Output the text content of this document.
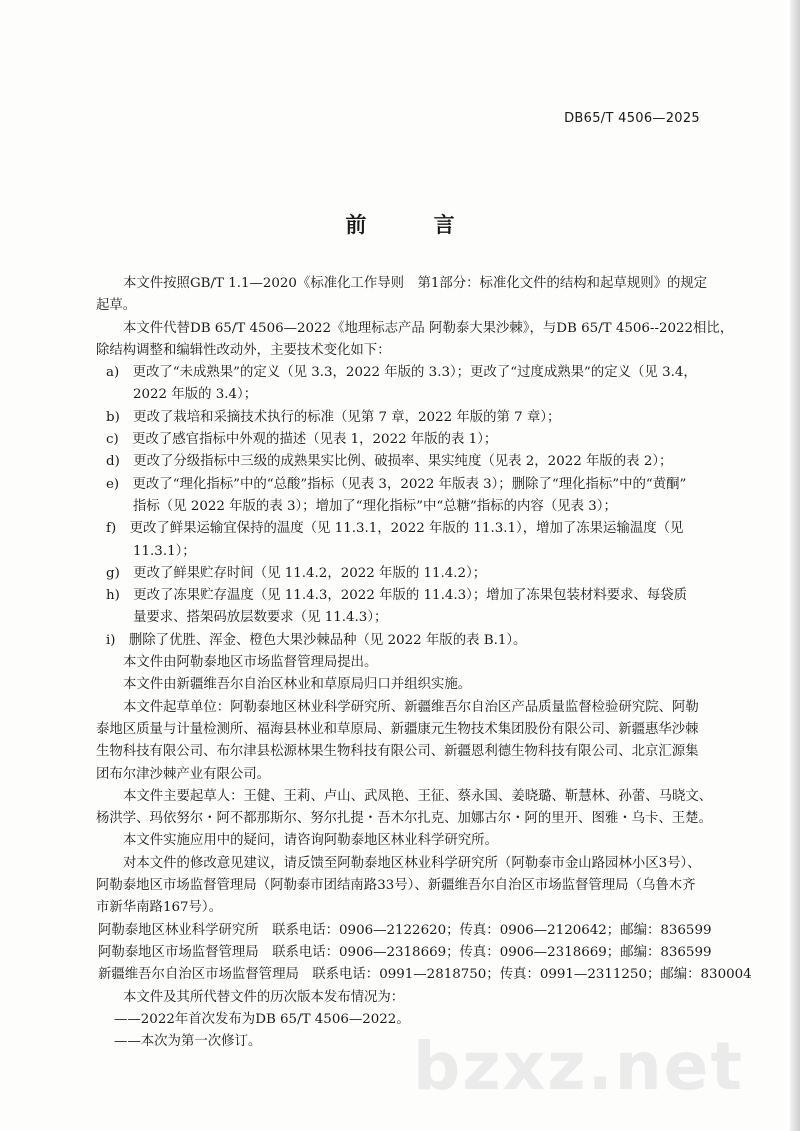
DB65/T 4506—2025
前 言
本文件按照GB/T 1.1—2020《标准化工作导则　第1部分：标准化文件的结构和起草规则》的规定
起草。
本文件代替DB 65/T 4506—2022《地理标志产品 阿勒泰大果沙棘》，与DB 65/T 4506--2022相比，
除结构调整和编辑性改动外，主要技术变化如下：
a)　更改了“未成熟果”的定义（见 3.3，2022 年版的 3.3）；更改了“过度成熟果”的定义（见 3.4，
2022 年版的 3.4）；
b)　更改了栽培和采摘技术执行的标准（见第 7 章，2022 年版的第 7 章）；
c)　更改了感官指标中外观的描述（见表 1，2022 年版的表 1）；
d)　更改了分级指标中三级的成熟果实比例、破损率、果实纯度（见表 2，2022 年版的表 2）；
e)　更改了“理化指标”中的“总酸”指标（见表 3，2022 年版表 3）；删除了“理化指标”中的“黄酮”
指标（见 2022 年版的表 3）；增加了“理化指标”中“总糖”指标的内容（见表 3）；
f)　更改了鲜果运输宜保持的温度（见 11.3.1，2022 年版的 11.3.1），增加了冻果运输温度（见
11.3.1）；
g)　更改了鲜果贮存时间（见 11.4.2，2022 年版的 11.4.2）；
h)　更改了冻果贮存温度（见 11.4.3，2022 年版的 11.4.3）；增加了冻果包装材料要求、每袋质
量要求、搭架码放层数要求（见 11.4.3）；
i)　删除了优胜、浑金、橙色大果沙棘品种（见 2022 年版的表 B.1）。
本文件由阿勒泰地区市场监督管理局提出。
本文件由新疆维吾尔自治区林业和草原局归口并组织实施。
本文件起草单位：阿勒泰地区林业科学研究所、新疆维吾尔自治区产品质量监督检验研究院、阿勒
泰地区质量与计量检测所、福海县林业和草原局、新疆康元生物技术集团股份有限公司、新疆惠华沙棘
生物科技有限公司、布尔津县松源林果生物科技有限公司、新疆恩利德生物科技有限公司、北京汇源集
团布尔津沙棘产业有限公司。
本文件主要起草人：王健、王莉、卢山、武凤艳、王征、蔡永国、姜晓璐、靳慧林、孙蕾、马晓文、
杨洪学、玛依努尔・阿不都那斯尔、努尔扎提・吾木尔扎克、加娜古尔・阿的里开、图雅・乌卡、王楚。
本文件实施应用中的疑问，请咨询阿勒泰地区林业科学研究所。
对本文件的修改意见建议，请反馈至阿勒泰地区林业科学研究所（阿勒泰市金山路园林小区3号）、
阿勒泰地区市场监督管理局（阿勒泰市团结南路33号）、新疆维吾尔自治区市场监督管理局（乌鲁木齐
市新华南路167号）。
阿勒泰地区林业科学研究所　联系电话：0906—2122620；传真：0906—2120642；邮编：836599
阿勒泰地区市场监督管理局　联系电话：0906—2318669；传真：0906—2318669；邮编：836599
新疆维吾尔自治区市场监督管理局　联系电话：0991—2818750；传真：0991—2311250；邮编：830004
本文件及其所代替文件的历次版本发布情况为：
——2022年首次发布为DB 65/T 4506—2022。
——本次为第一次修订。	bzxz.net
